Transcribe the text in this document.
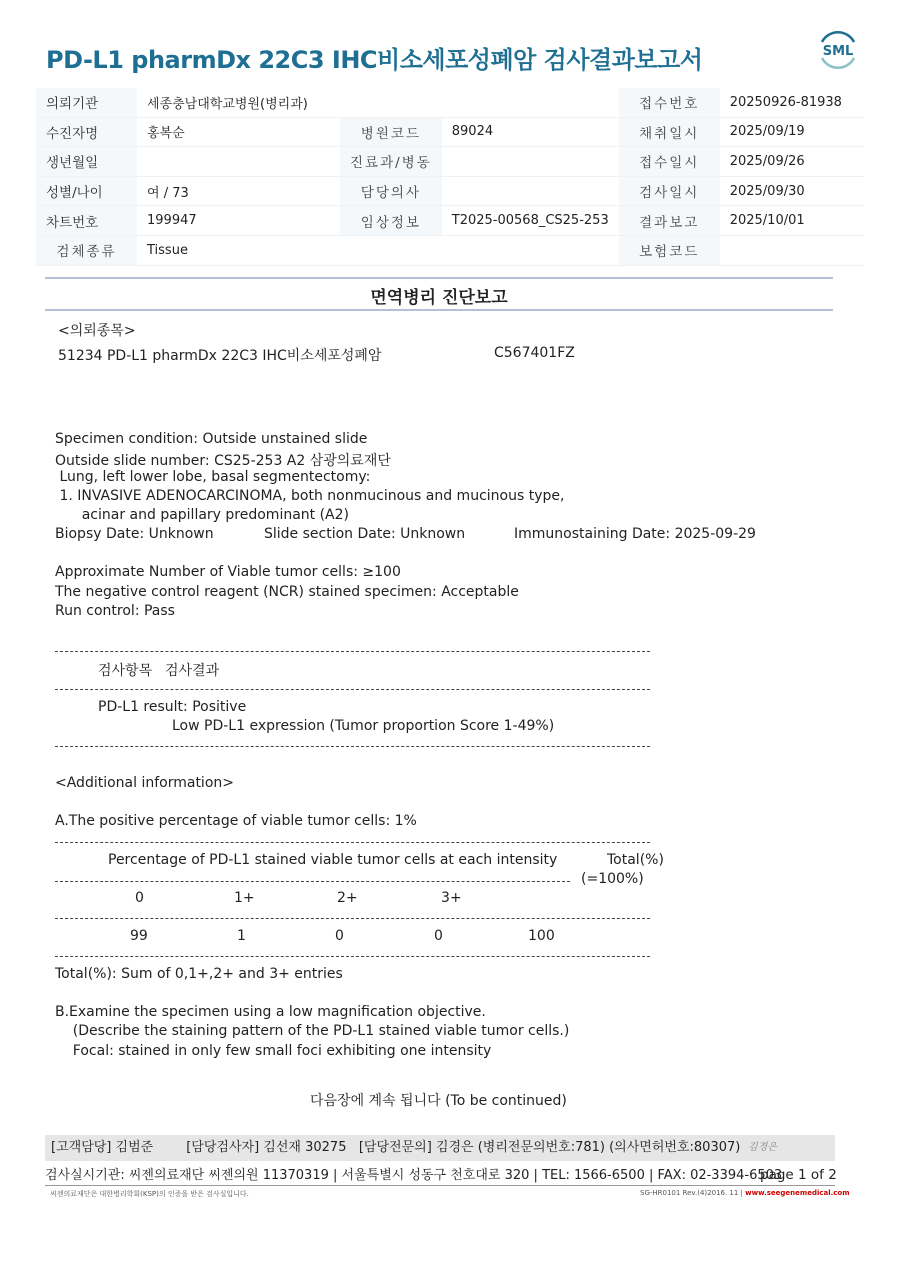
PD-L1 pharmDx 22C3 IHC비소세포성폐암 검사결과보고서	SML
의뢰기관	세종충남대학교병원(병리과)			접수번호	20250926-81938
수진자명	홍복순	병원코드	89024	채취일시	2025/09/19
생년월일		진료과/병동		접수일시	2025/09/26
성별/나이	여 / 73	담당의사		검사일시	2025/09/30
차트번호	199947	임상정보	T2025-00568_CS25-253	결과보고	2025/10/01
검체종류	Tissue			보험코드	
면역병리 진단보고
<의뢰종목>
51234 PD-L1 pharmDx 22C3 IHC비소세포성폐암	C567401FZ
Specimen condition: Outside unstained slide
Outside slide number: CS25-253 A2 삼광의료재단
Lung, left lower lobe, basal segmentectomy:
1. INVASIVE ADENOCARCINOMA, both nonmucinous and mucinous type,
acinar and papillary predominant (A2)
Biopsy Date: Unknown	Slide section Date: Unknown	Immunostaining Date: 2025-09-29
Approximate Number of Viable tumor cells: ≥100
The negative control reagent (NCR) stained specimen: Acceptable
Run control: Pass
검사항목 검사결과
PD-L1 result: Positive
Low PD-L1 expression (Tumor proportion Score 1-49%)
<Additional information>
A.The positive percentage of viable tumor cells: 1%
Percentage of PD-L1 stained viable tumor cells at each intensity	Total(%)
(=100%)
0	1+	2+	3+
99	1	0	0	100
Total(%): Sum of 0,1+,2+ and 3+ entries
B.Examine the specimen using a low magnification objective.
(Describe the staining pattern of the PD-L1 stained viable tumor cells.)
Focal: stained in only few small foci exhibiting one intensity
다음장에 계속 됩니다 (To be continued)
[고객담당] 김범준        [담당검사자] 김선재 30275   [담당전문의] 김경은 (병리전문의번호:781) (의사면허번호:80307) 김경은
검사실시기관: 씨젠의료재단 씨젠의원 11370319 | 서울특별시 성동구 천호대로 320 | TEL: 1566-6500 | FAX: 02-3394-6503
page 1 of 2
씨젠의료재단은 대한병리학회(KSP)의 인증을 받은 검사실입니다.	SG-HR0101 Rev.(4)2016. 11 | www.seegenemedical.com
